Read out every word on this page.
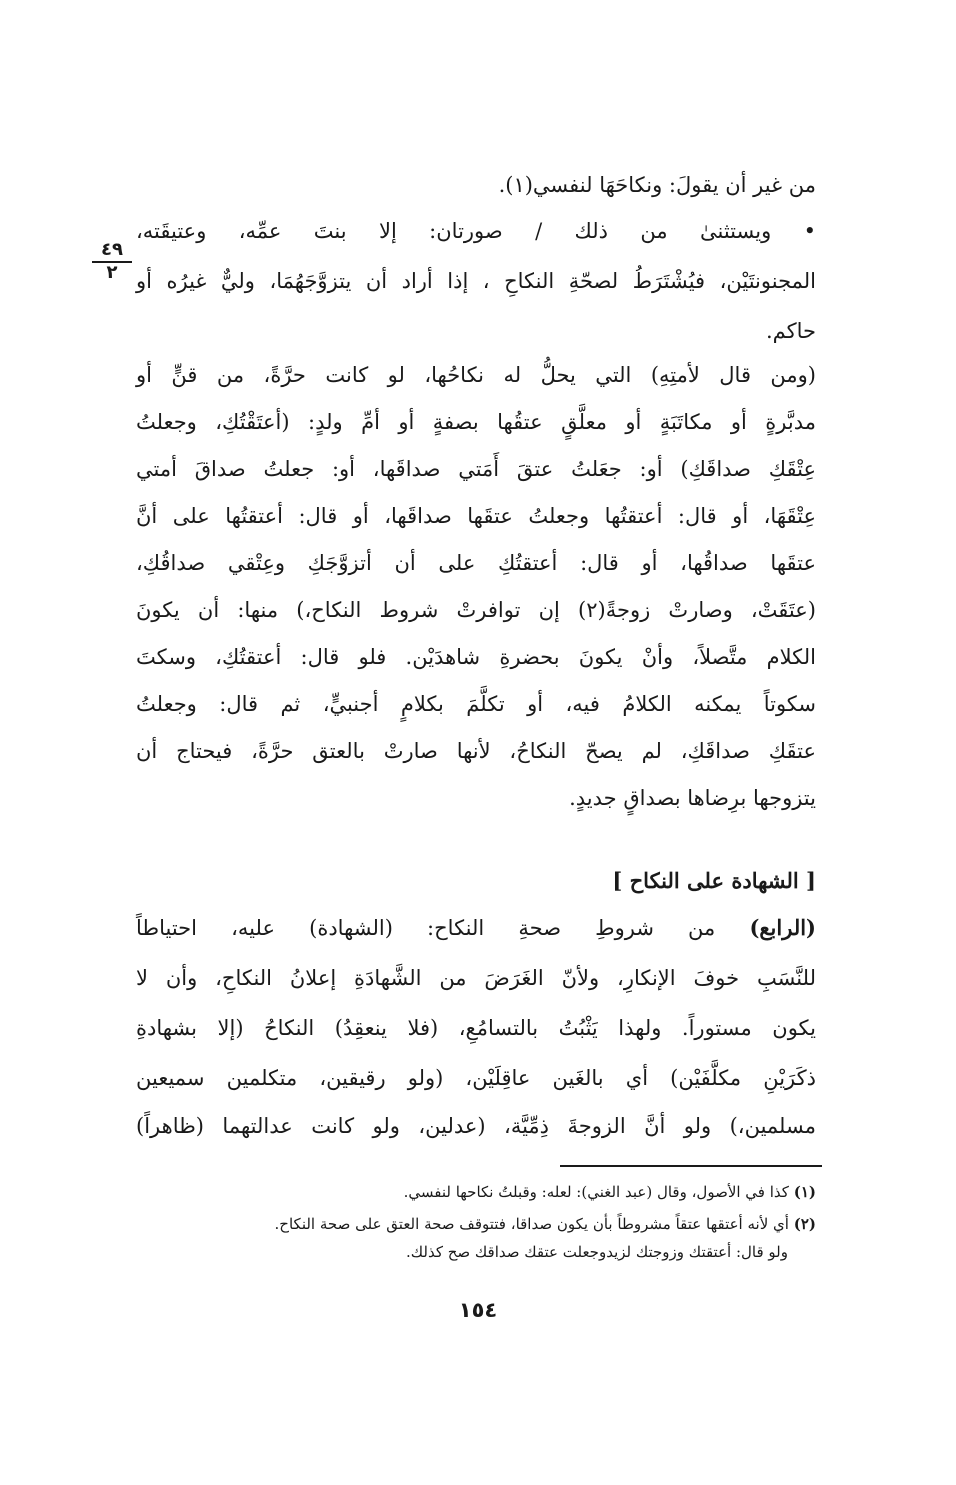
٤٩
٢
من غير أن يقولَ: ونكاحَهَا لنفسي(١).
• ويستثنىٰ من ذلك / صورتان: إلا بنتَ عمِّه، وعتيقَته،
المجنونتَيْن، فيُشْتَرَطُ لصحّةِ النكاحِ ، إذا أراد أن يتزوَّجَهُمَا، وليٌّ غيرُه أو
حاكم.
(ومن قال لأمتِهِ) التي يحلُّ له نكاحُها، لو كانت حرَّةً، من قنٍّ أو
مدبَّرةٍ أو مكاتَبَةٍ أو معلَّقٍ عتقُها بصفةٍ أو أمِّ ولدٍ: (أعتَقْتُكِ، وجعلتُ
عِتْقَكِ صداقَكِ) أو: جعَلتُ عتقَ أَمَتي صداقَها، أو: جعلتُ صداقَ أمتي
عِتْقَهَا، أو قال: أعتقتُها وجعلتُ عتقَها صداقَها، أو قال: أعتقتُها على أنَّ
عتقَها صداقُها، أو قال: أعتقتُكِ على أن أتزوَّجَكِ وعِتْقي صداقُكِ،
(عتَقَتْ، وصارتْ زوجةً(٢) إن توافرتْ شروط النكاح،) منها: أن يكونَ
الكلام متَّصلاً، وأنْ يكونَ بحضرةِ شاهدَيْن. فلو قال: أعتقتُكِ، وسكتَ
سكوتاً يمكنه الكلامُ فيه، أو تكلَّمَ بكلامٍ أجنبيٍّ، ثم قال: وجعلتُ
عتقَكِ صداقَكِ، لم يصحّ النكاحُ، لأنها صارتْ بالعتق حرَّةً، فيحتاج أن
يتزوجها برِضاها بصداقٍ جديدٍ.
[ الشهادة على النكاح ]
(الرابع) من شروطِ صحةِ النكاح: (الشهادة) عليه، احتياطاً
للنَّسَبِ خوفَ الإنكارِ، ولأنّ الغَرَضَ من الشَّهادَةِ إعلانُ النكاحِ، وأن لا
يكون مستوراً. ولهذا يَثْبُتُ بالتسامُعِ، (فلا ينعقِدُ) النكاحُ (إلا بشهادةِ
ذكَرَيْنِ مكلَّفَيْن) أي بالغَين عاقِلَيْن، (ولو رقيقين، متكلمين سميعين
مسلمين،) ولو أنَّ الزوجةَ ذِمِّيَّة، (عدلين، ولو كانت عدالتهما (ظاهراً)
(١) كذا في الأصول، وقال (عبد الغني): لعله: وقبلتُ نكاحها لنفسي.
(٢) أي لأنه أعتقها عتقاً مشروطاً بأن يكون صداقا، فتتوقف صحة العتق على صحة النكاح.
ولو قال: أعتقتك وزوجتك لزيدوجعلت عتقك صداقك صح كذلك.
١٥٤
